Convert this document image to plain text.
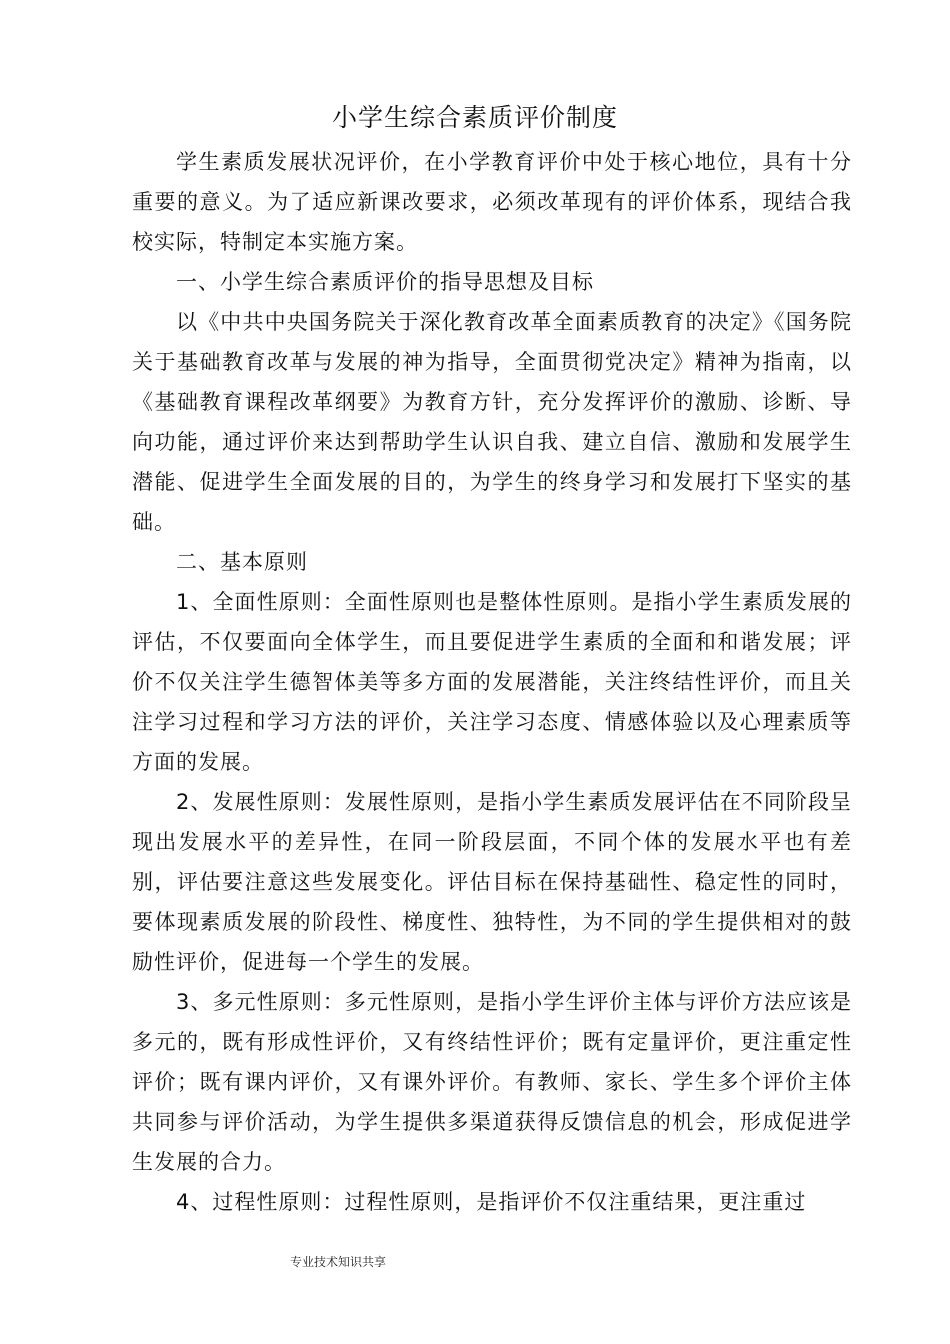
小学生综合素质评价制度

学生素质发展状况评价，在小学教育评价中处于核心地位，具有十分重要的意义。为了适应新课改要求，必须改革现有的评价体系，现结合我校实际，特制定本实施方案。

一、小学生综合素质评价的指导思想及目标

以《中共中央国务院关于深化教育改革全面素质教育的决定》《国务院关于基础教育改革与发展的神为指导，全面贯彻党决定》精神为指南，以《基础教育课程改革纲要》为教育方针，充分发挥评价的激励、诊断、导向功能，通过评价来达到帮助学生认识自我、建立自信、激励和发展学生潜能、促进学生全面发展的目的，为学生的终身学习和发展打下坚实的基础。

二、基本原则

1、全面性原则：全面性原则也是整体性原则。是指小学生素质发展的评估，不仅要面向全体学生，而且要促进学生素质的全面和和谐发展；评价不仅关注学生德智体美等多方面的发展潜能，关注终结性评价，而且关注学习过程和学习方法的评价，关注学习态度、情感体验以及心理素质等方面的发展。

2、发展性原则：发展性原则，是指小学生素质发展评估在不同阶段呈现出发展水平的差异性，在同一阶段层面，不同个体的发展水平也有差别，评估要注意这些发展变化。评估目标在保持基础性、稳定性的同时，要体现素质发展的阶段性、梯度性、独特性，为不同的学生提供相对的鼓励性评价，促进每一个学生的发展。

3、多元性原则：多元性原则，是指小学生评价主体与评价方法应该是多元的，既有形成性评价，又有终结性评价；既有定量评价，更注重定性评价；既有课内评价，又有课外评价。有教师、家长、学生多个评价主体共同参与评价活动，为学生提供多渠道获得反馈信息的机会，形成促进学生发展的合力。

4、过程性原则：过程性原则，是指评价不仅注重结果，更注重过

专业技术知识共享
